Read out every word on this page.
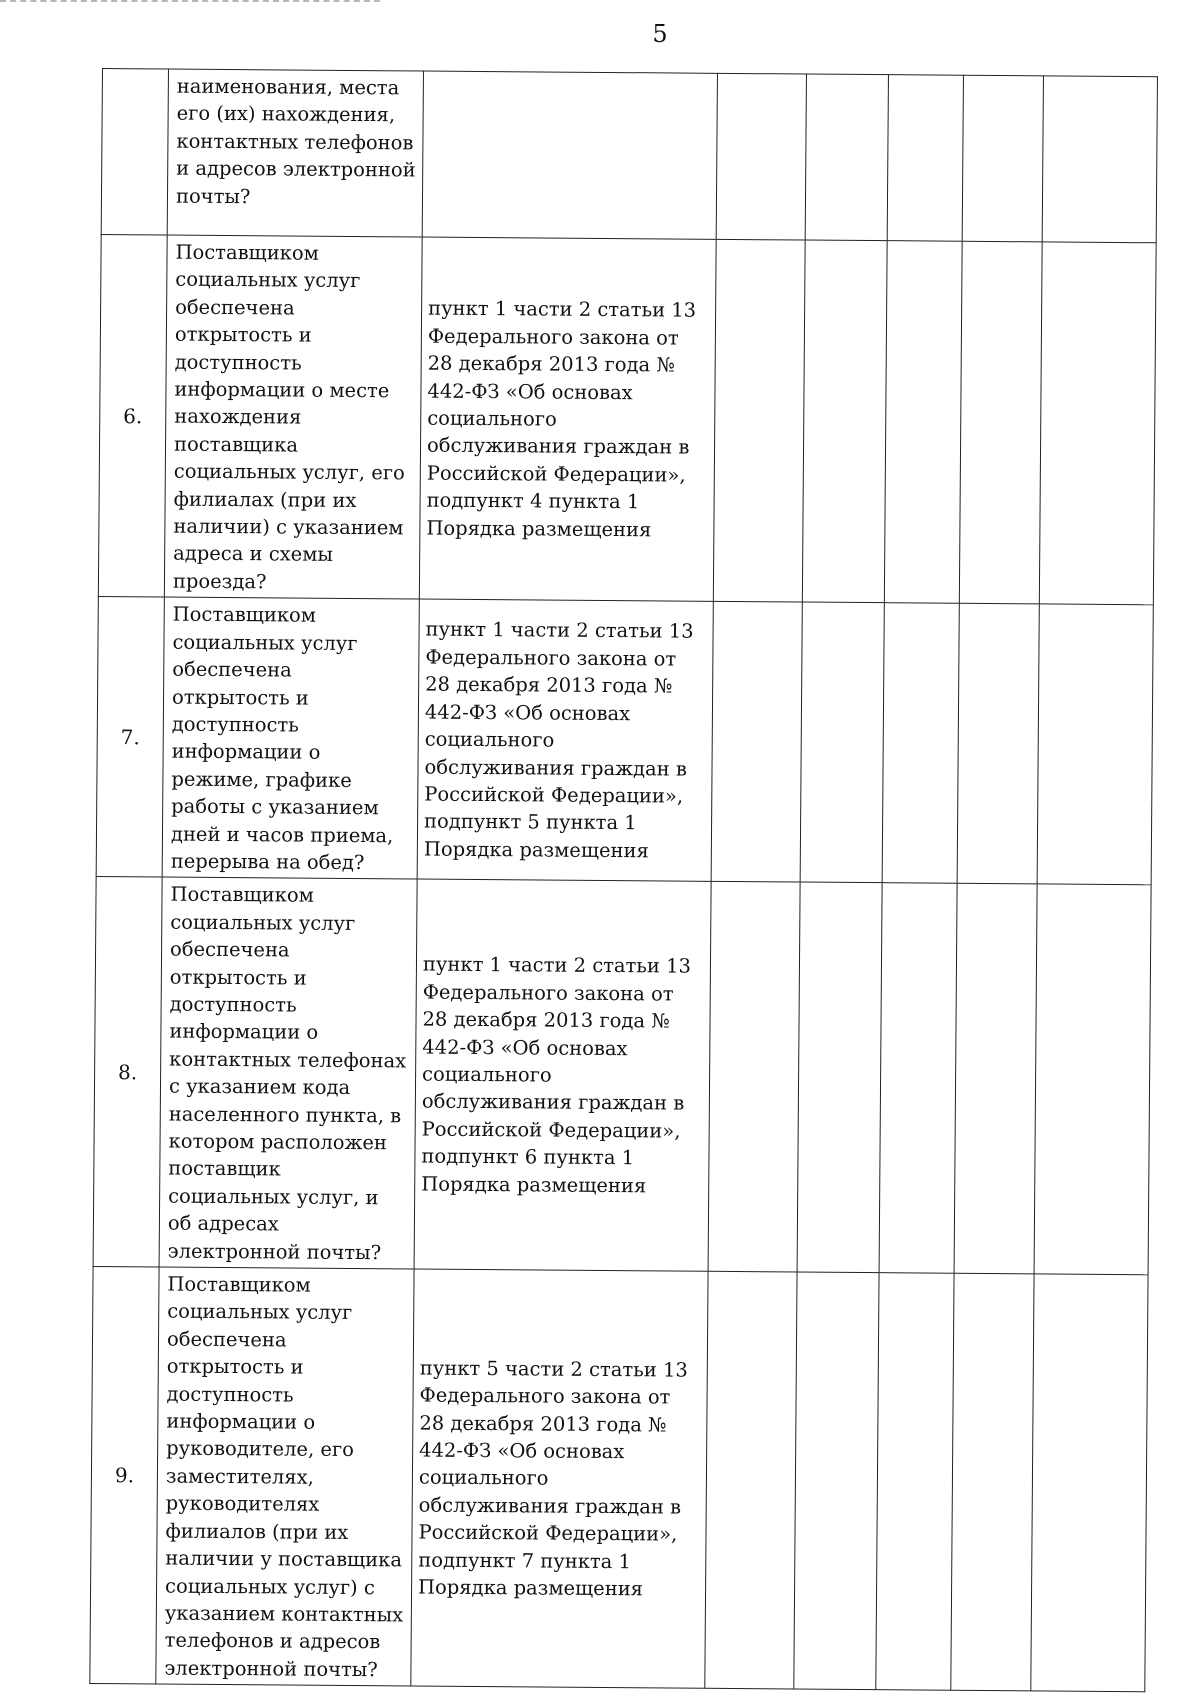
5
	наименования, места его (их) нахождения, контактных телефонов и адресов электронной почты?						
6.	Поставщиком социальных услуг обеспечена открытость и доступность информации о месте нахождения поставщика социальных услуг, его филиалах (при их наличии) с указанием адреса и схемы проезда?	пункт 1 части 2 статьи 13 Федерального закона от 28 декабря 2013 года № 442-ФЗ «Об основах социального обслуживания граждан в Российской Федерации», подпункт 4 пункта 1 Порядка размещения					
7.	Поставщиком социальных услуг обеспечена открытость и доступность информации о режиме, графике работы с указанием дней и часов приема, перерыва на обед?	пункт 1 части 2 статьи 13 Федерального закона от 28 декабря 2013 года № 442-ФЗ «Об основах социального обслуживания граждан в Российской Федерации», подпункт 5 пункта 1 Порядка размещения					
8.	Поставщиком социальных услуг обеспечена открытость и доступность информации о контактных телефонах с указанием кода населенного пункта, в котором расположен поставщик социальных услуг, и об адресах электронной почты?	пункт 1 части 2 статьи 13 Федерального закона от 28 декабря 2013 года № 442-ФЗ «Об основах социального обслуживания граждан в Российской Федерации», подпункт 6 пункта 1 Порядка размещения					
9.	Поставщиком социальных услуг обеспечена открытость и доступность информации о руководителе, его заместителях, руководителях филиалов (при их наличии у поставщика социальных услуг) с указанием контактных телефонов и адресов электронной почты?	пункт 5 части 2 статьи 13 Федерального закона от 28 декабря 2013 года № 442-ФЗ «Об основах социального обслуживания граждан в Российской Федерации», подпункт 7 пункта 1 Порядка размещения					
